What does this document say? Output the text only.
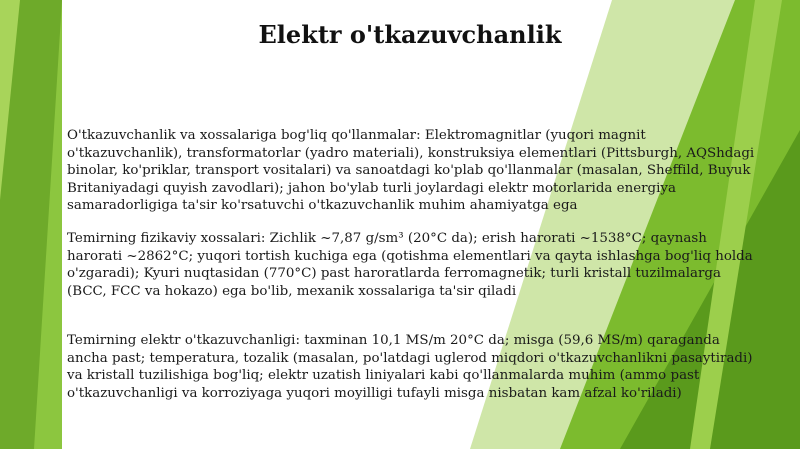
Elektr o'tkazuvchanlik

O'tkazuvchanlik va xossalariga bog'liq qo'llanmalar: Elektromagnitlar (yuqori magnit o'tkazuvchanlik), transformatorlar (yadro materiali), konstruksiya elementlari (Pittsburgh, AQShdagi binolar, ko'priklar, transport vositalari) va sanoatdagi ko'plab qo'llanmalar (masalan, Sheffild, Buyuk Britaniyadagi quyish zavodlari); jahon bo'ylab turli joylardagi elektr motorlarida energiya samaradorligiga ta'sir ko'rsatuvchi o'tkazuvchanlik muhim ahamiyatga ega

Temirning fizikaviy xossalari: Zichlik ~7,87 g/sm³ (20°C da); erish harorati ~1538°C; qaynash harorati ~2862°C; yuqori tortish kuchiga ega (qotishma elementlari va qayta ishlashga bog'liq holda o'zgaradi); Kyuri nuqtasidan (770°C) past haroratlarda ferromagnetik; turli kristall tuzilmalarga (BCC, FCC va hokazo) ega bo'lib, mexanik xossalariga ta'sir qiladi

Temirning elektr o'tkazuvchanligi: taxminan 10,1 MS/m 20°C da; misga (59,6 MS/m) qaraganda ancha past; temperatura, tozalik (masalan, po'latdagi uglerod miqdori o'tkazuvchanlikni pasaytiradi) va kristall tuzilishiga bog'liq; elektr uzatish liniyalari kabi qo'llanmalarda muhim (ammo past o'tkazuvchanligi va korroziyaga yuqori moyilligi tufayli misga nisbatan kam afzal ko'riladi)
